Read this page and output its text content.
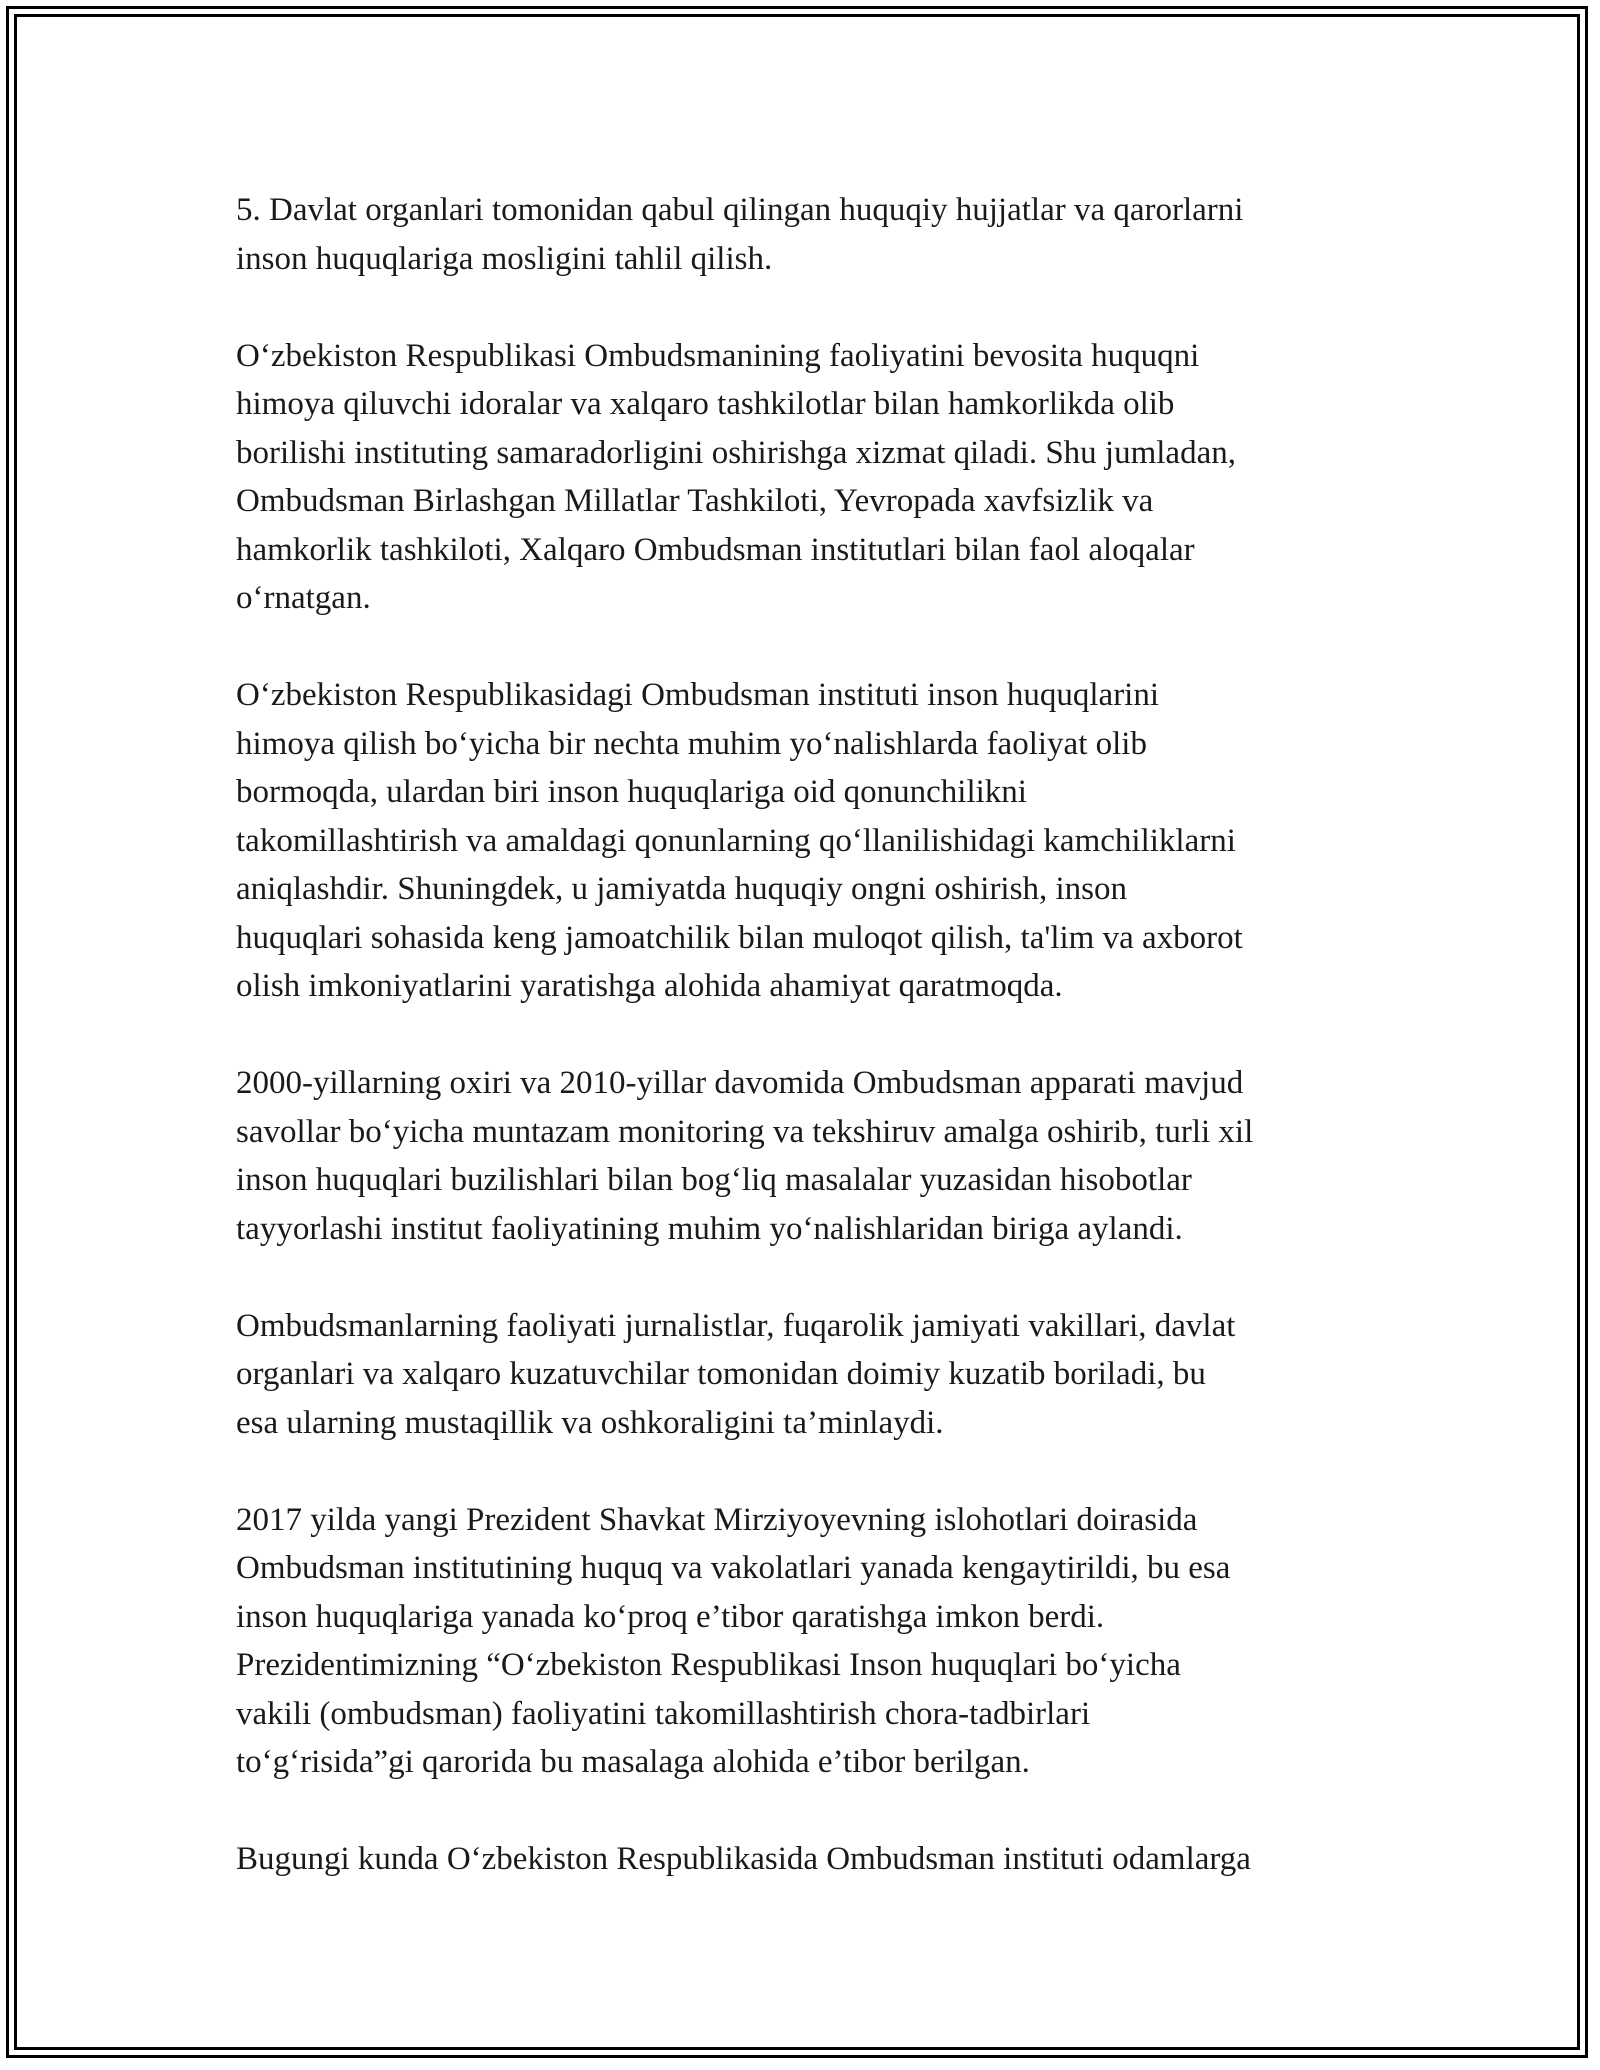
5. Davlat organlari tomonidan qabul qilingan huquqiy hujjatlar va qarorlarni
inson huquqlariga mosligini tahlil qilish.

O‘zbekiston Respublikasi Ombudsmanining faoliyatini bevosita huquqni
himoya qiluvchi idoralar va xalqaro tashkilotlar bilan hamkorlikda olib
borilishi instituting samaradorligini oshirishga xizmat qiladi. Shu jumladan,
Ombudsman Birlashgan Millatlar Tashkiloti, Yevropada xavfsizlik va
hamkorlik tashkiloti, Xalqaro Ombudsman institutlari bilan faol aloqalar
o‘rnatgan.

O‘zbekiston Respublikasidagi Ombudsman instituti inson huquqlarini
himoya qilish bo‘yicha bir nechta muhim yo‘nalishlarda faoliyat olib
bormoqda, ulardan biri inson huquqlariga oid qonunchilikni
takomillashtirish va amaldagi qonunlarning qo‘llanilishidagi kamchiliklarni
aniqlashdir. Shuningdek, u jamiyatda huquqiy ongni oshirish, inson
huquqlari sohasida keng jamoatchilik bilan muloqot qilish, ta'lim va axborot
olish imkoniyatlarini yaratishga alohida ahamiyat qaratmoqda.

2000-yillarning oxiri va 2010-yillar davomida Ombudsman apparati mavjud
savollar bo‘yicha muntazam monitoring va tekshiruv amalga oshirib, turli xil
inson huquqlari buzilishlari bilan bog‘liq masalalar yuzasidan hisobotlar
tayyorlashi institut faoliyatining muhim yo‘nalishlaridan biriga aylandi.

Ombudsmanlarning faoliyati jurnalistlar, fuqarolik jamiyati vakillari, davlat
organlari va xalqaro kuzatuvchilar tomonidan doimiy kuzatib boriladi, bu
esa ularning mustaqillik va oshkoraligini ta’minlaydi.

2017 yilda yangi Prezident Shavkat Mirziyoyevning islohotlari doirasida
Ombudsman institutining huquq va vakolatlari yanada kengaytirildi, bu esa
inson huquqlariga yanada ko‘proq e’tibor qaratishga imkon berdi.
Prezidentimizning “O‘zbekiston Respublikasi Inson huquqlari bo‘yicha
vakili (ombudsman) faoliyatini takomillashtirish chora-tadbirlari
to‘g‘risida”gi qarorida bu masalaga alohida e’tibor berilgan.

Bugungi kunda O‘zbekiston Respublikasida Ombudsman instituti odamlarga
